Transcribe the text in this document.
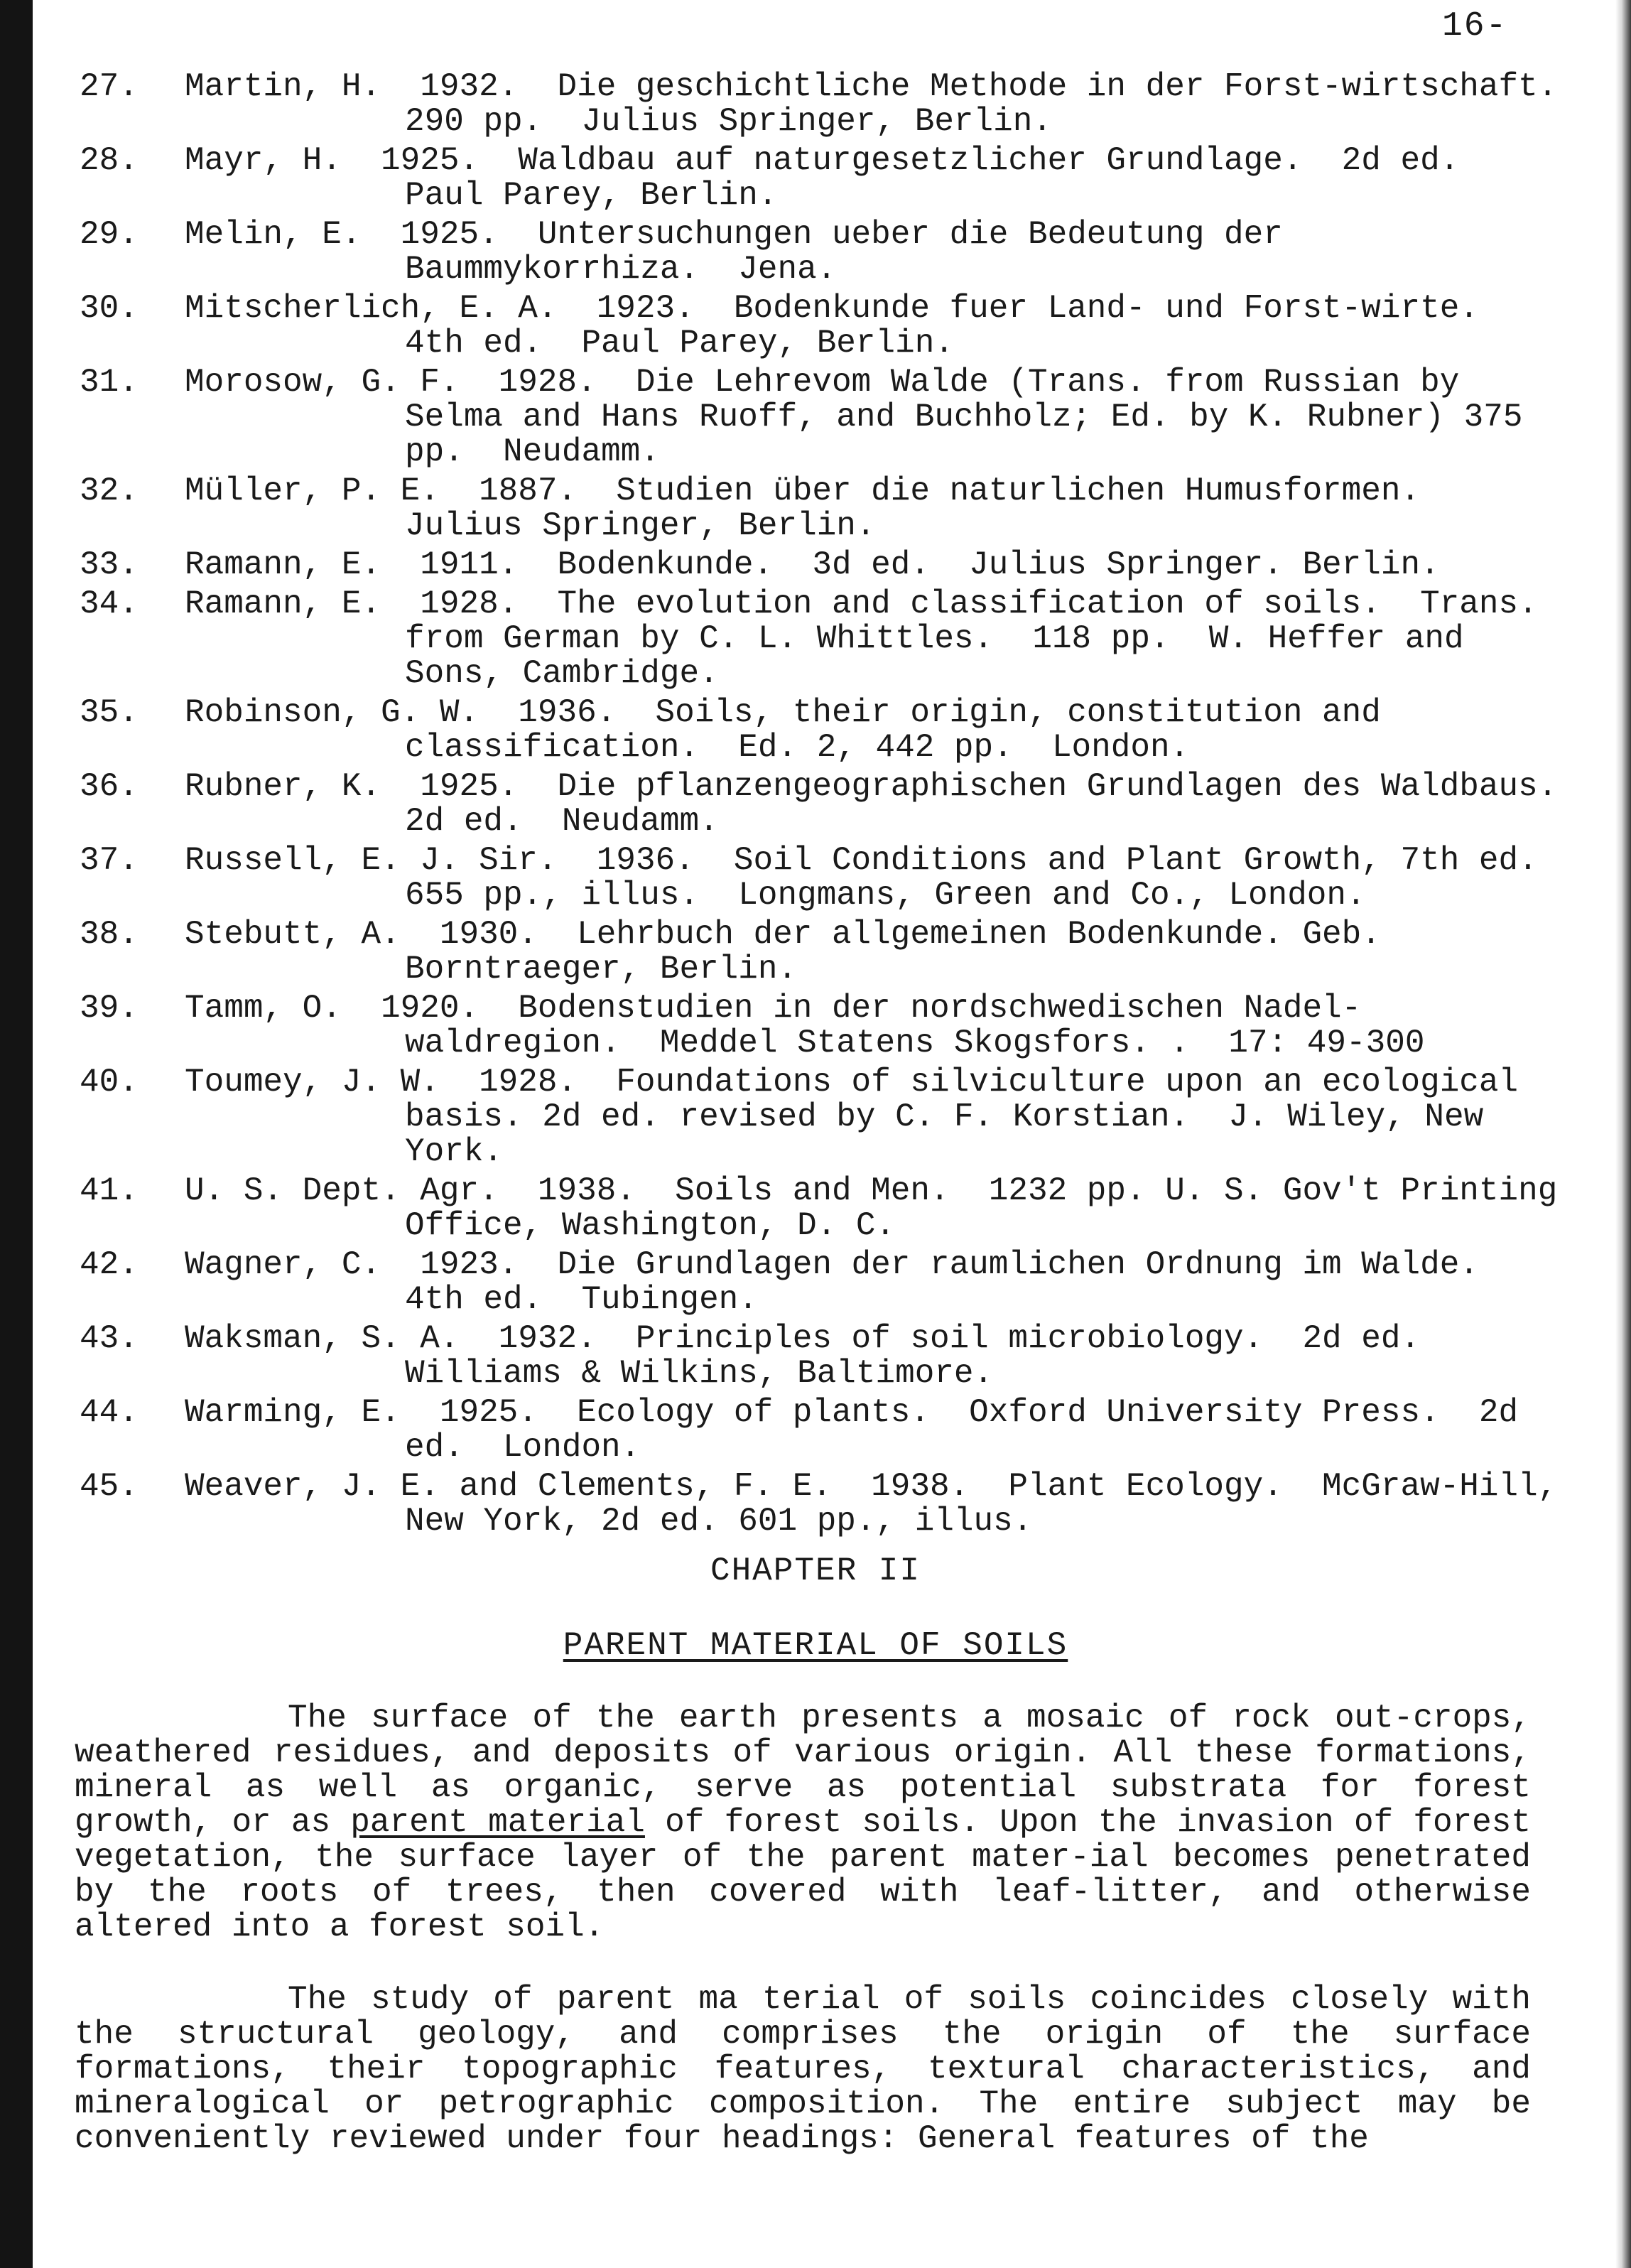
16-
27. Martin, H.  1932.  Die geschichtliche Methode in der Forst-wirtschaft.  290 pp.  Julius Springer, Berlin.
28. Mayr, H.  1925.  Waldbau auf naturgesetzlicher Grundlage.  2d ed.  Paul Parey, Berlin.
29. Melin, E.  1925.  Untersuchungen ueber die Bedeutung der Baummykorrhiza.  Jena.
30. Mitscherlich, E. A.  1923.  Bodenkunde fuer Land- und Forst-wirte.  4th ed.  Paul Parey, Berlin.
31. Morosow, G. F.  1928.  Die Lehrevom Walde (Trans. from Russian by Selma and Hans Ruoff, and Buchholz; Ed. by K. Rubner) 375 pp.  Neudamm.
32. Müller, P. E.  1887.  Studien über die naturlichen Humusformen.  Julius Springer, Berlin.
33. Ramann, E.  1911.  Bodenkunde.  3d ed.  Julius Springer. Berlin.
34. Ramann, E.  1928.  The evolution and classification of soils.  Trans. from German by C. L. Whittles.  118 pp.  W. Heffer and Sons, Cambridge.
35. Robinson, G. W.  1936.  Soils, their origin, constitution and classification.  Ed. 2, 442 pp.  London.
36. Rubner, K.  1925.  Die pflanzengeographischen Grundlagen des Waldbaus.  2d ed.  Neudamm.
37. Russell, E. J. Sir.  1936.  Soil Conditions and Plant Growth, 7th ed. 655 pp., illus.  Longmans, Green and Co., London.
38. Stebutt, A.  1930.  Lehrbuch der allgemeinen Bodenkunde. Geb. Borntraeger, Berlin.
39. Tamm, O.  1920.  Bodenstudien in der nordschwedischen Nadel-waldregion.  Meddel Statens Skogsfors. .  17: 49-300
40. Toumey, J. W.  1928.  Foundations of silviculture upon an ecological basis. 2d ed. revised by C. F. Korstian.  J. Wiley, New York.
41. U. S. Dept. Agr.  1938.  Soils and Men.  1232 pp. U. S. Gov't Printing Office, Washington, D. C.
42. Wagner, C.  1923.  Die Grundlagen der raumlichen Ordnung im Walde.  4th ed.  Tubingen.
43. Waksman, S. A.  1932.  Principles of soil microbiology.  2d ed.  Williams & Wilkins, Baltimore.
44. Warming, E.  1925.  Ecology of plants.  Oxford University Press.  2d ed.  London.
45. Weaver, J. E. and Clements, F. E.  1938.  Plant Ecology.  McGraw-Hill, New York, 2d ed. 601 pp., illus.
CHAPTER II
PARENT MATERIAL OF SOILS
The surface of the earth presents a mosaic of rock out-crops, weathered residues, and deposits of various origin. All these formations, mineral as well as organic, serve as potential substrata for forest growth, or as parent material of forest soils. Upon the invasion of forest vegetation, the surface layer of the parent mater-ial becomes penetrated by the roots of trees, then covered with leaf-litter, and otherwise altered into a forest soil.
The study of parent ma terial of soils coincides closely with the structural geology, and comprises the origin of the surface formations, their topographic features, textural characteristics, and mineralogical or petrographic composition. The entire subject may be conveniently reviewed under four headings: General features of the
